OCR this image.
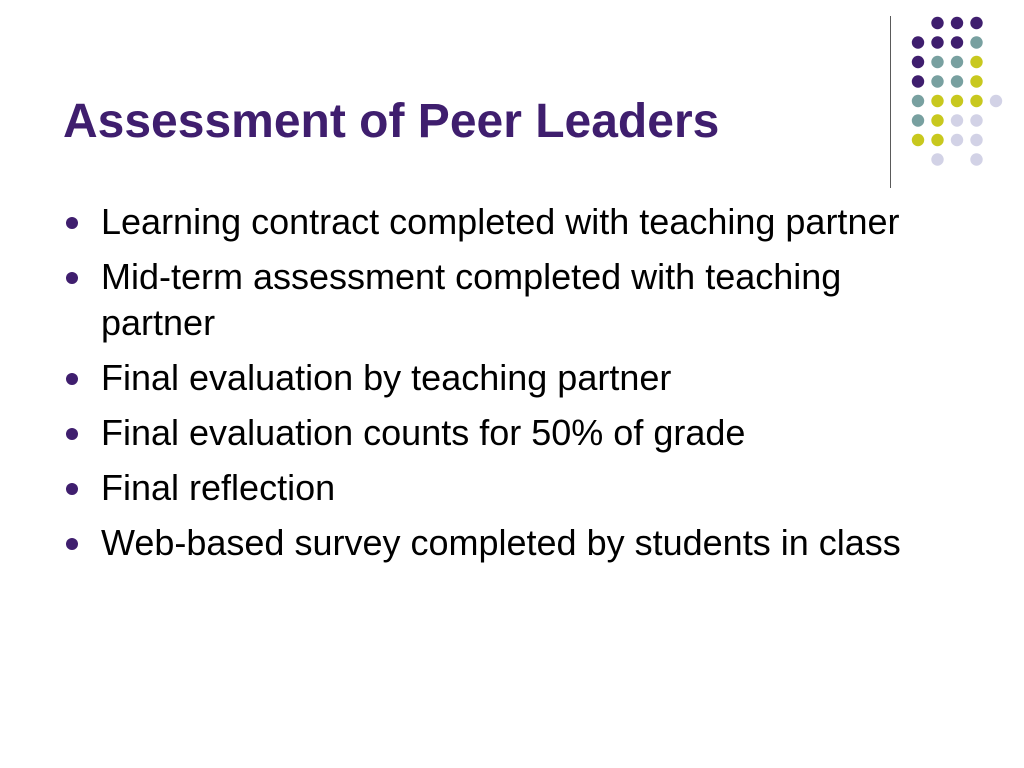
Assessment of Peer Leaders
Learning contract completed with teaching partner
Mid-term assessment completed with teaching partner
Final evaluation by teaching partner
Final evaluation counts for 50% of grade
Final reflection
Web-based survey completed by students in class
